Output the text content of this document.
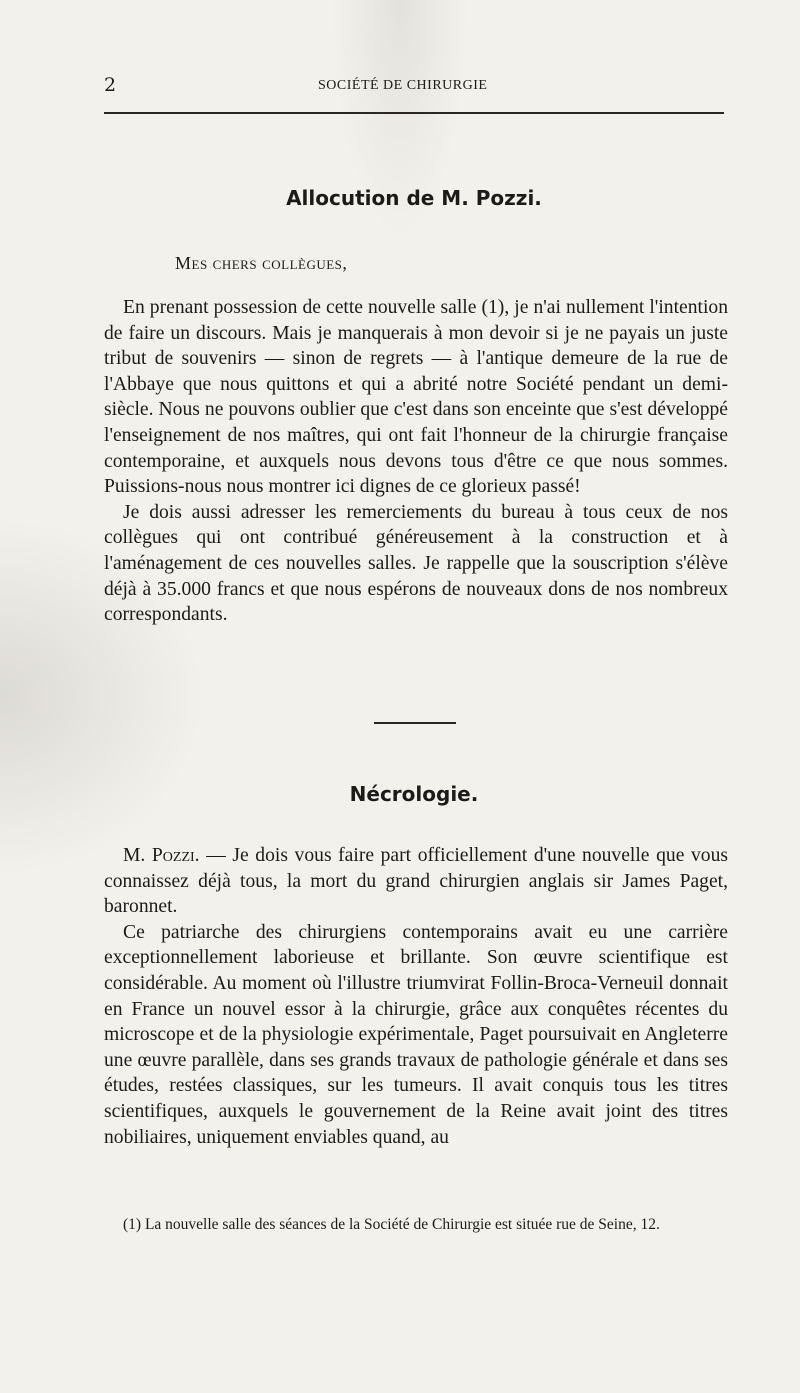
2	SOCIÉTÉ DE CHIRURGIE
Allocution de M. Pozzi.
Mes chers collègues,

En prenant possession de cette nouvelle salle (1), je n'ai nullement l'intention de faire un discours. Mais je manquerais à mon devoir si je ne payais un juste tribut de souvenirs — sinon de regrets — à l'antique demeure de la rue de l'Abbaye que nous quittons et qui a abrité notre Société pendant un demi-siècle. Nous ne pouvons oublier que c'est dans son enceinte que s'est développé l'enseignement de nos maîtres, qui ont fait l'honneur de la chirurgie française contemporaine, et auxquels nous devons tous d'être ce que nous sommes. Puissions-nous nous montrer ici dignes de ce glorieux passé!

Je dois aussi adresser les remerciements du bureau à tous ceux de nos collègues qui ont contribué généreusement à la construction et à l'aménagement de ces nouvelles salles. Je rappelle que la souscription s'élève déjà à 35.000 francs et que nous espérons de nouveaux dons de nos nombreux correspondants.

Nécrologie.

M. Pozzi. — Je dois vous faire part officiellement d'une nouvelle que vous connaissez déjà tous, la mort du grand chirurgien anglais sir James Paget, baronnet.

Ce patriarche des chirurgiens contemporains avait eu une carrière exceptionnellement laborieuse et brillante. Son œuvre scientifique est considérable. Au moment où l'illustre triumvirat Follin-Broca-Verneuil donnait en France un nouvel essor à la chirurgie, grâce aux conquêtes récentes du microscope et de la physiologie expérimentale, Paget poursuivait en Angleterre une œuvre parallèle, dans ses grands travaux de pathologie générale et dans ses études, restées classiques, sur les tumeurs. Il avait conquis tous les titres scientifiques, auxquels le gouvernement de la Reine avait joint des titres nobiliaires, uniquement enviables quand, au

(1) La nouvelle salle des séances de la Société de Chirurgie est située rue de Seine, 12.
